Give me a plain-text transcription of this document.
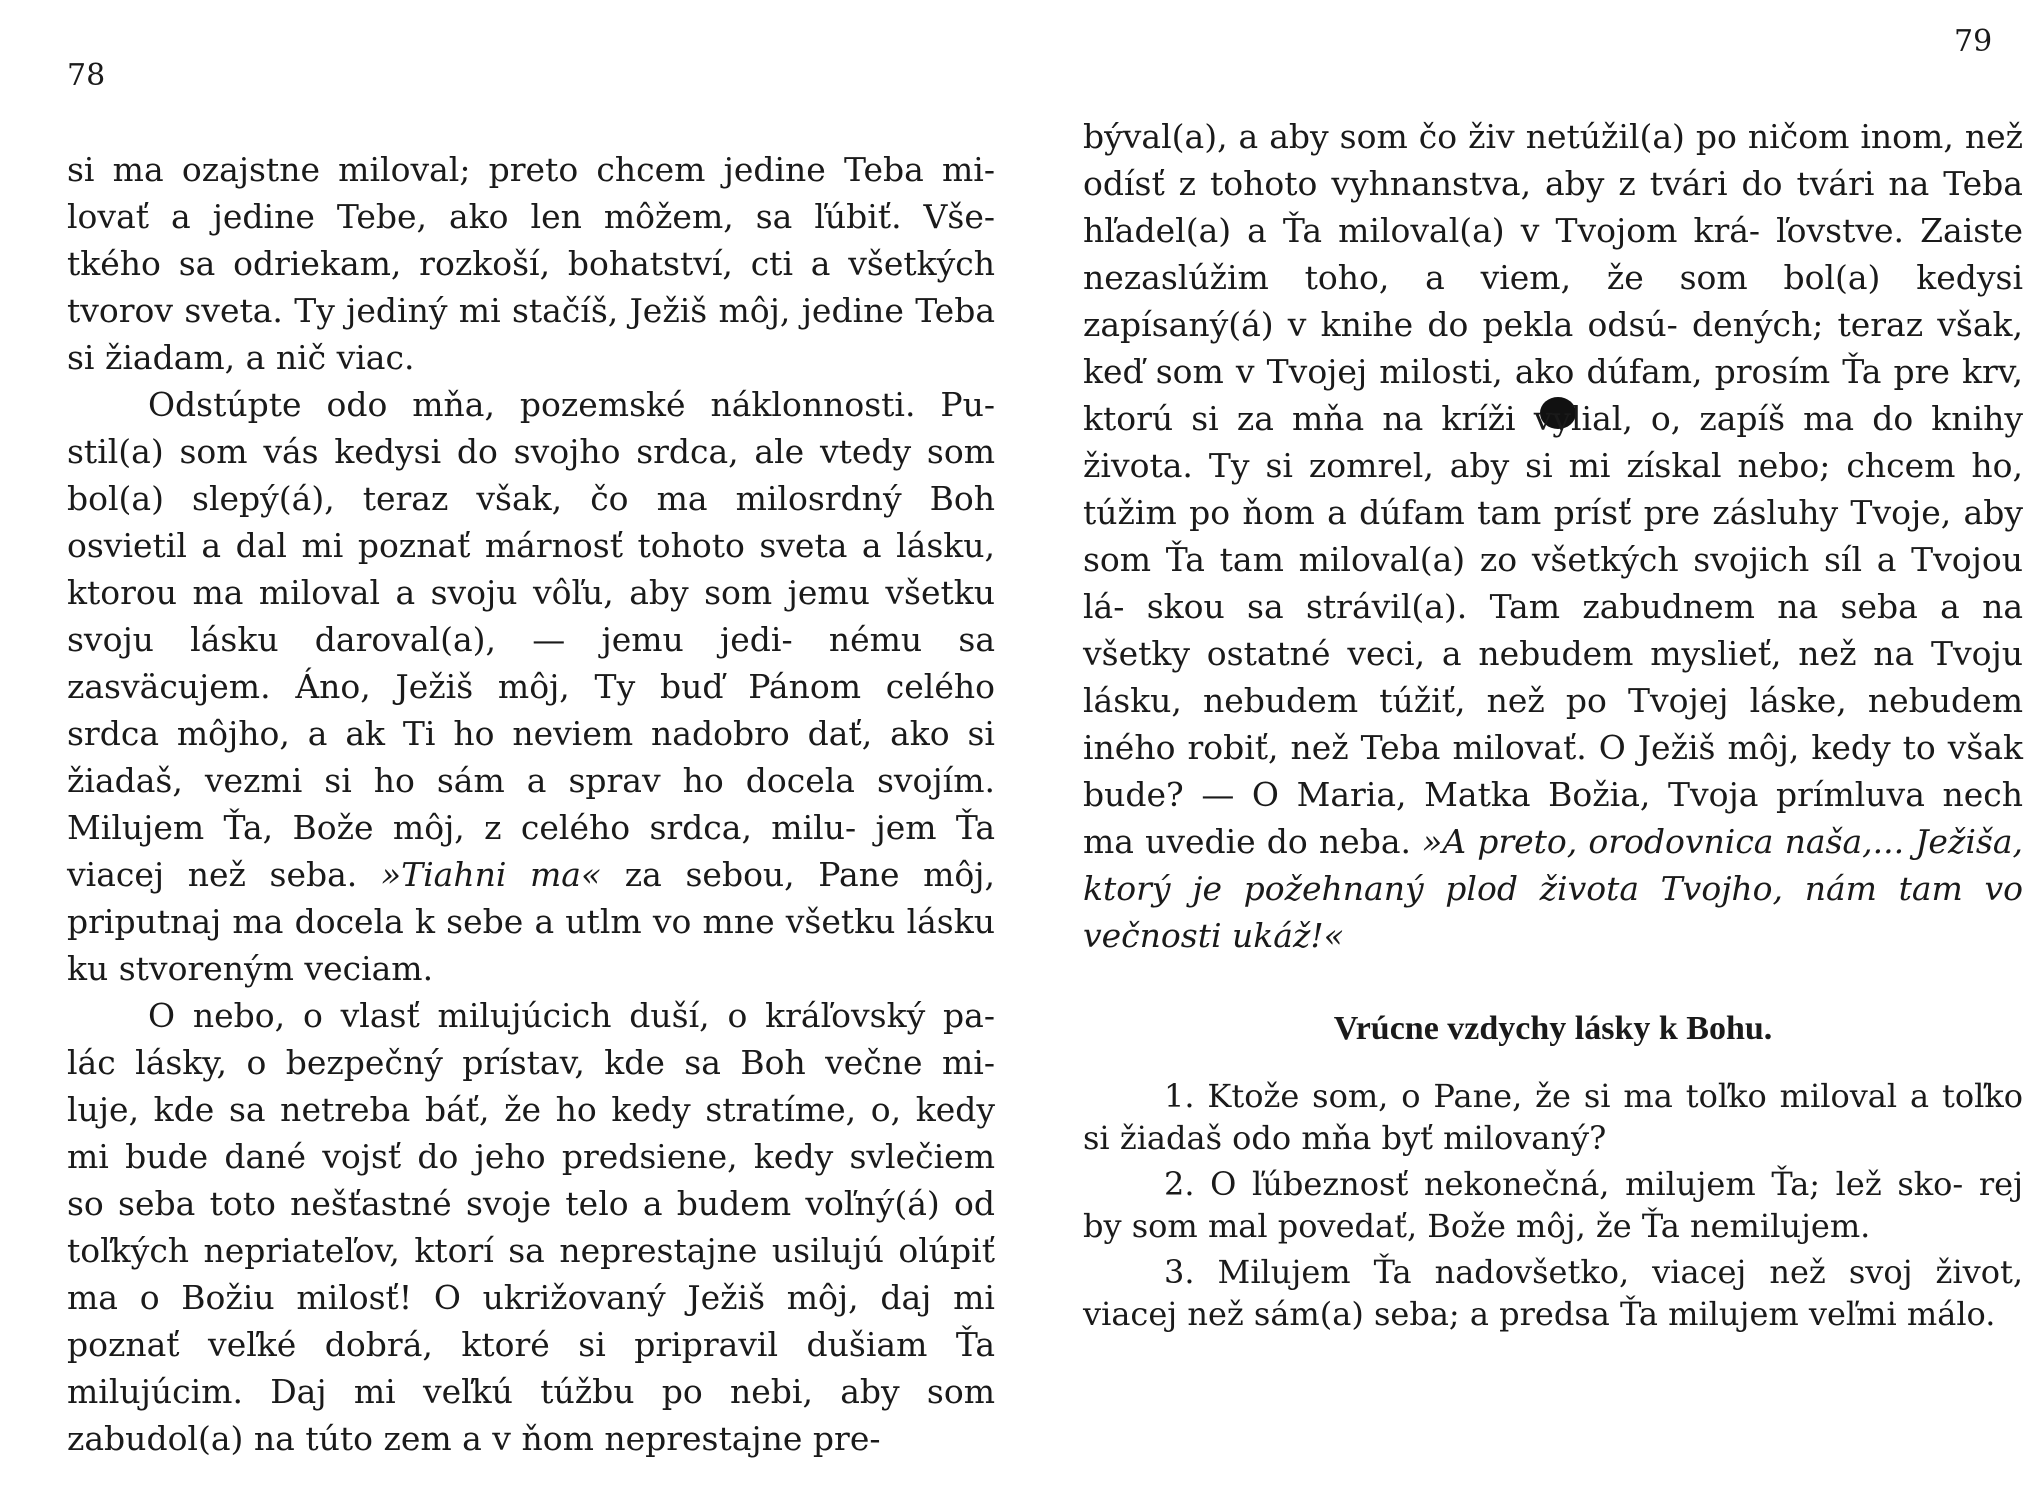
78

si ma ozajstne miloval; preto chcem jedine Teba mi- lovať a jedine Tebe, ako len môžem, sa ľúbiť. Vše- tkého sa odriekam, rozkoší, bohatství, cti a všetkých tvorov sveta. Ty jediný mi stačíš, Ježiš môj, jedine Teba si žiadam, a nič viac.

Odstúpte odo mňa, pozemské náklonnosti. Pu- stil(a) som vás kedysi do svojho srdca, ale vtedy som bol(a) slepý(á), teraz však, čo ma milosrdný Boh osvietil a dal mi poznať márnosť tohoto sveta a lásku, ktorou ma miloval a svoju vôľu, aby som jemu všetku svoju lásku daroval(a), — jemu jedi- nému sa zasväcujem. Áno, Ježiš môj, Ty buď Pánom celého srdca môjho, a ak Ti ho neviem nadobro dať, ako si žiadaš, vezmi si ho sám a sprav ho docela svojím. Milujem Ťa, Bože môj, z celého srdca, milu- jem Ťa viacej než seba. »Tiahni ma« za sebou, Pane môj, priputnaj ma docela k sebe a utlm vo mne všetku lásku ku stvoreným veciam.

O nebo, o vlasť milujúcich duší, o kráľovský pa- lác lásky, o bezpečný prístav, kde sa Boh večne mi- luje, kde sa netreba báť, že ho kedy stratíme, o, kedy mi bude dané vojsť do jeho predsiene, kedy svlečiem so seba toto nešťastné svoje telo a budem voľný(á) od toľkých nepriateľov, ktorí sa neprestajne usilujú olúpiť ma o Božiu milosť! O ukrižovaný Ježiš môj, daj mi poznať veľké dobrá, ktoré si pripravil dušiam Ťa milujúcim. Daj mi veľkú túžbu po nebi, aby som zabudol(a) na túto zem a v ňom neprestajne pre-

79

býval(a), a aby som čo živ netúžil(a) po ničom inom, než odísť z tohoto vyhnanstva, aby z tvári do tvári na Teba hľadel(a) a Ťa miloval(a) v Tvojom krá- ľovstve. Zaiste nezaslúžim toho, a viem, že som bol(a) kedysi zapísaný(á) v knihe do pekla odsú- dených; teraz však, keď som v Tvojej milosti, ako dúfam, prosím Ťa pre krv, ktorú si za mňa na kríži vylial, o, zapíš ma do knihy života. Ty si zomrel, aby si mi získal nebo; chcem ho, túžim po ňom a dúfam tam prísť pre zásluhy Tvoje, aby som Ťa tam miloval(a) zo všetkých svojich síl a Tvojou lá- skou sa strávil(a). Tam zabudnem na seba a na všetky ostatné veci, a nebudem myslieť, než na Tvoju lásku, nebudem túžiť, než po Tvojej láske, nebudem iného robiť, než Teba milovať. O Ježiš môj, kedy to však bude? — O Maria, Matka Božia, Tvoja prímluva nech ma uvedie do neba. »A preto, orodovnica naša,... Ježiša, ktorý je požehnaný plod života Tvojho, nám tam vo večnosti ukáž!«

Vrúcne vzdychy lásky k Bohu.

1. Ktože som, o Pane, že si ma toľko miloval a toľko si žiadaš odo mňa byť milovaný?

2. O ľúbeznosť nekonečná, milujem Ťa; lež sko- rej by som mal povedať, Bože môj, že Ťa nemilujem.

3. Milujem Ťa nadovšetko, viacej než svoj život, viacej než sám(a) seba; a predsa Ťa milujem veľmi málo.
